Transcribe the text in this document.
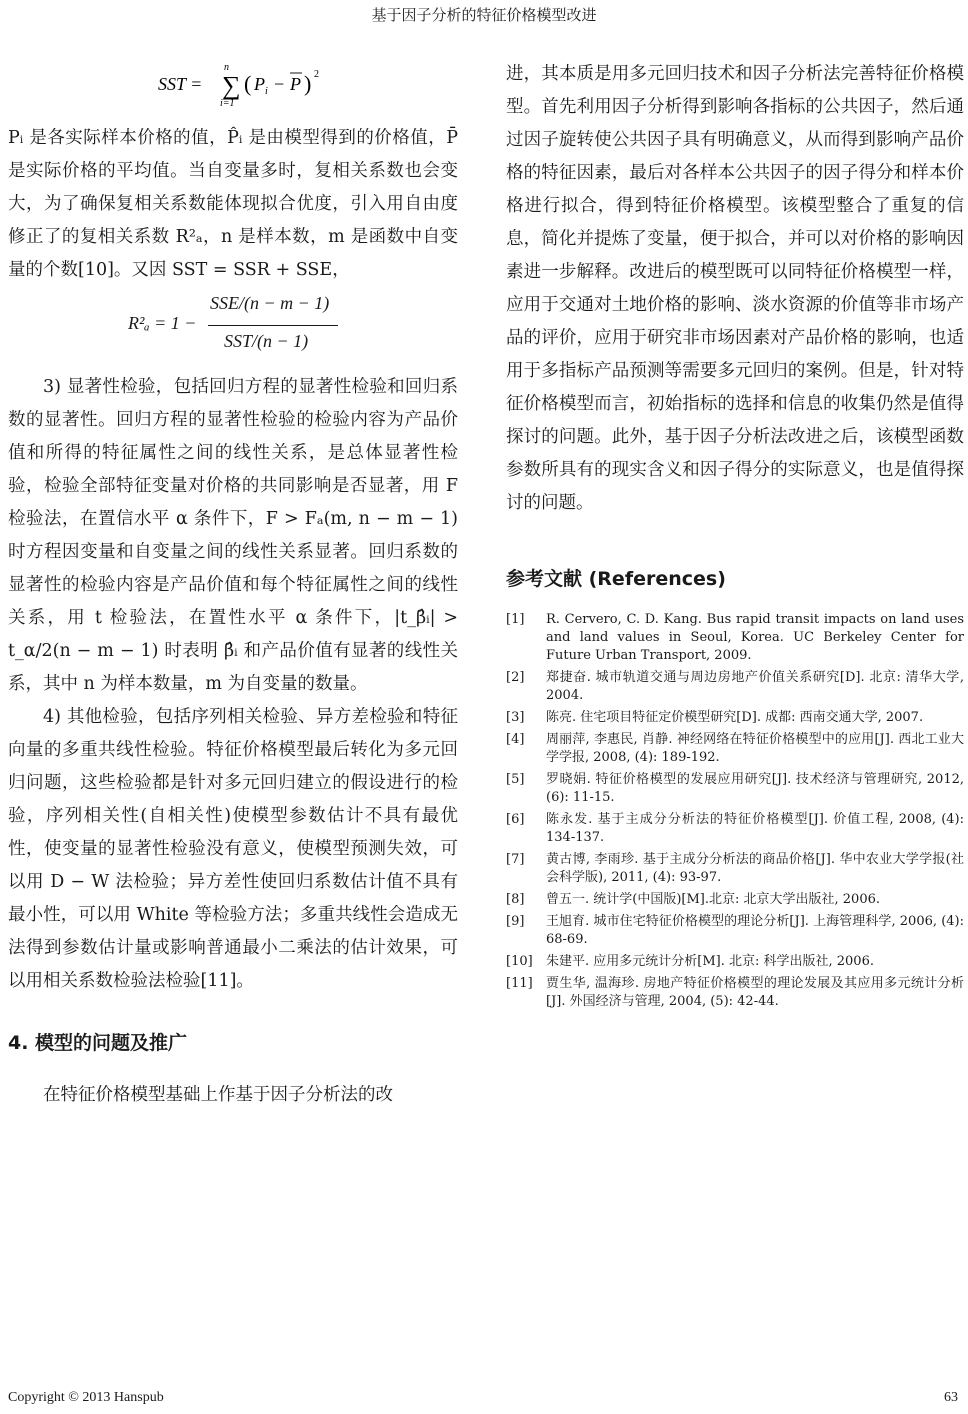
基于因子分析的特征价格模型改进
SST = ∑
n
i=1
( P i − P ) 2

Pᵢ 是各实际样本价格的值，P̂ᵢ 是由模型得到的价格值，P̄ 是实际价格的平均值。当自变量多时，复相关系数也会变大，为了确保复相关系数能体现拟合优度，引入用自由度修正了的复相关系数 R²ₐ，n 是样本数，m 是函数中自变量的个数[10]。又因 SST = SSR + SSE，

R²ₐ = 1 −
SSE/(n − m − 1)
SST/(n − 1)

3) 显著性检验，包括回归方程的显著性检验和回归系数的显著性。回归方程的显著性检验的检验内容为产品价值和所得的特征属性之间的线性关系，是总体显著性检验，检验全部特征变量对价格的共同影响是否显著，用 F 检验法，在置信水平 α 条件下，F > Fₐ(m, n − m − 1) 时方程因变量和自变量之间的线性关系显著。回归系数的显著性的检验内容是产品价值和每个特征属性之间的线性关系，用 t 检验法，在置性水平 α 条件下，|t_β̂ᵢ| > t_α/2(n − m − 1) 时表明 β̂ᵢ 和产品价值有显著的线性关系，其中 n 为样本数量，m 为自变量的数量。

4) 其他检验，包括序列相关检验、异方差检验和特征向量的多重共线性检验。特征价格模型最后转化为多元回归问题，这些检验都是针对多元回归建立的假设进行的检验，序列相关性(自相关性)使模型参数估计不具有最优性，使变量的显著性检验没有意义，使模型预测失效，可以用 D − W 法检验；异方差性使回归系数估计值不具有最小性，可以用 White 等检验方法；多重共线性会造成无法得到参数估计量或影响普通最小二乘法的估计效果，可以用相关系数检验法检验[11]。

4. 模型的问题及推广

在特征价格模型基础上作基于因子分析法的改

进，其本质是用多元回归技术和因子分析法完善特征价格模型。首先利用因子分析得到影响各指标的公共因子，然后通过因子旋转使公共因子具有明确意义，从而得到影响产品价格的特征因素，最后对各样本公共因子的因子得分和样本价格进行拟合，得到特征价格模型。该模型整合了重复的信息，简化并提炼了变量，便于拟合，并可以对价格的影响因素进一步解释。改进后的模型既可以同特征价格模型一样，应用于交通对土地价格的影响、淡水资源的价值等非市场产品的评价，应用于研究非市场因素对产品价格的影响，也适用于多指标产品预测等需要多元回归的案例。但是，针对特征价格模型而言，初始指标的选择和信息的收集仍然是值得探讨的问题。此外，基于因子分析法改进之后，该模型函数参数所具有的现实含义和因子得分的实际意义，也是值得探讨的问题。

参考文献 (References)
[1]	R. Cervero, C. D. Kang. Bus rapid transit impacts on land uses and land values in Seoul, Korea. UC Berkeley Center for Future Urban Transport, 2009.
[2]	郑捷奋. 城市轨道交通与周边房地产价值关系研究[D]. 北京: 清华大学, 2004.
[3]	陈亮. 住宅项目特征定价模型研究[D]. 成都: 西南交通大学, 2007.
[4]	周丽萍, 李惠民, 肖静. 神经网络在特征价格模型中的应用[J]. 西北工业大学学报, 2008, (4): 189-192.
[5]	罗晓娟. 特征价格模型的发展应用研究[J]. 技术经济与管理研究, 2012, (6): 11-15.
[6]	陈永发. 基于主成分分析法的特征价格模型[J]. 价值工程, 2008, (4): 134-137.
[7]	黄古博, 李雨珍. 基于主成分分析法的商品价格[J]. 华中农业大学学报(社会科学版), 2011, (4): 93-97.
[8]	曾五一. 统计学(中国版)[M].北京: 北京大学出版社, 2006.
[9]	王旭育. 城市住宅特征价格模型的理论分析[J]. 上海管理科学, 2006, (4): 68-69.
[10]	朱建平. 应用多元统计分析[M]. 北京: 科学出版社, 2006.
[11]	贾生华, 温海珍. 房地产特征价格模型的理论发展及其应用多元统计分析[J]. 外国经济与管理, 2004, (5): 42-44.
Copyright © 2013 Hanspub	63
